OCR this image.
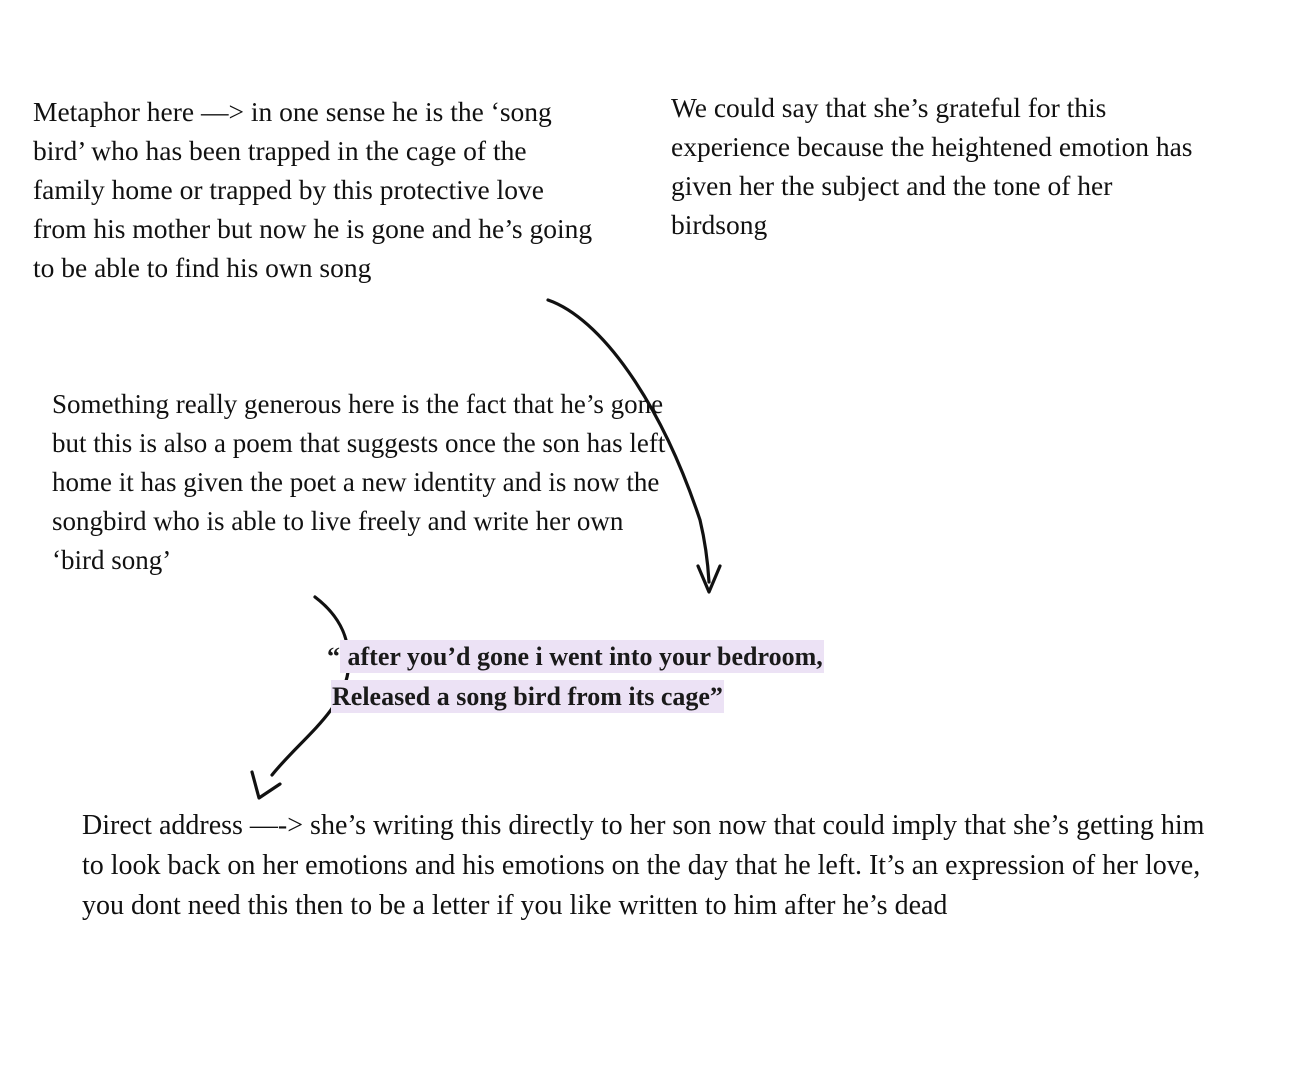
Metaphor here —> in one sense he is the ‘song bird’ who has been trapped in the cage of the family home or trapped by this protective love from his mother but now he is gone and he’s going to be able to find his own song
We could say that she’s grateful for this experience because the heightened emotion has given her the subject and the tone of her birdsong
Something really generous here is the fact that he’s gone but this is also a poem that suggests once the son has left home it has given the poet a new identity and is now the songbird who is able to live freely and write her own ‘bird song’
“ after you’d gone i went into your bedroom,
Released a song bird from its cage”
Direct address —-> she’s writing this directly to her son now that could imply that she’s getting him to look back on her emotions and his emotions on the day that he left. It’s an expression of her love, you dont need this then to be a letter if you like written to him after he’s dead
